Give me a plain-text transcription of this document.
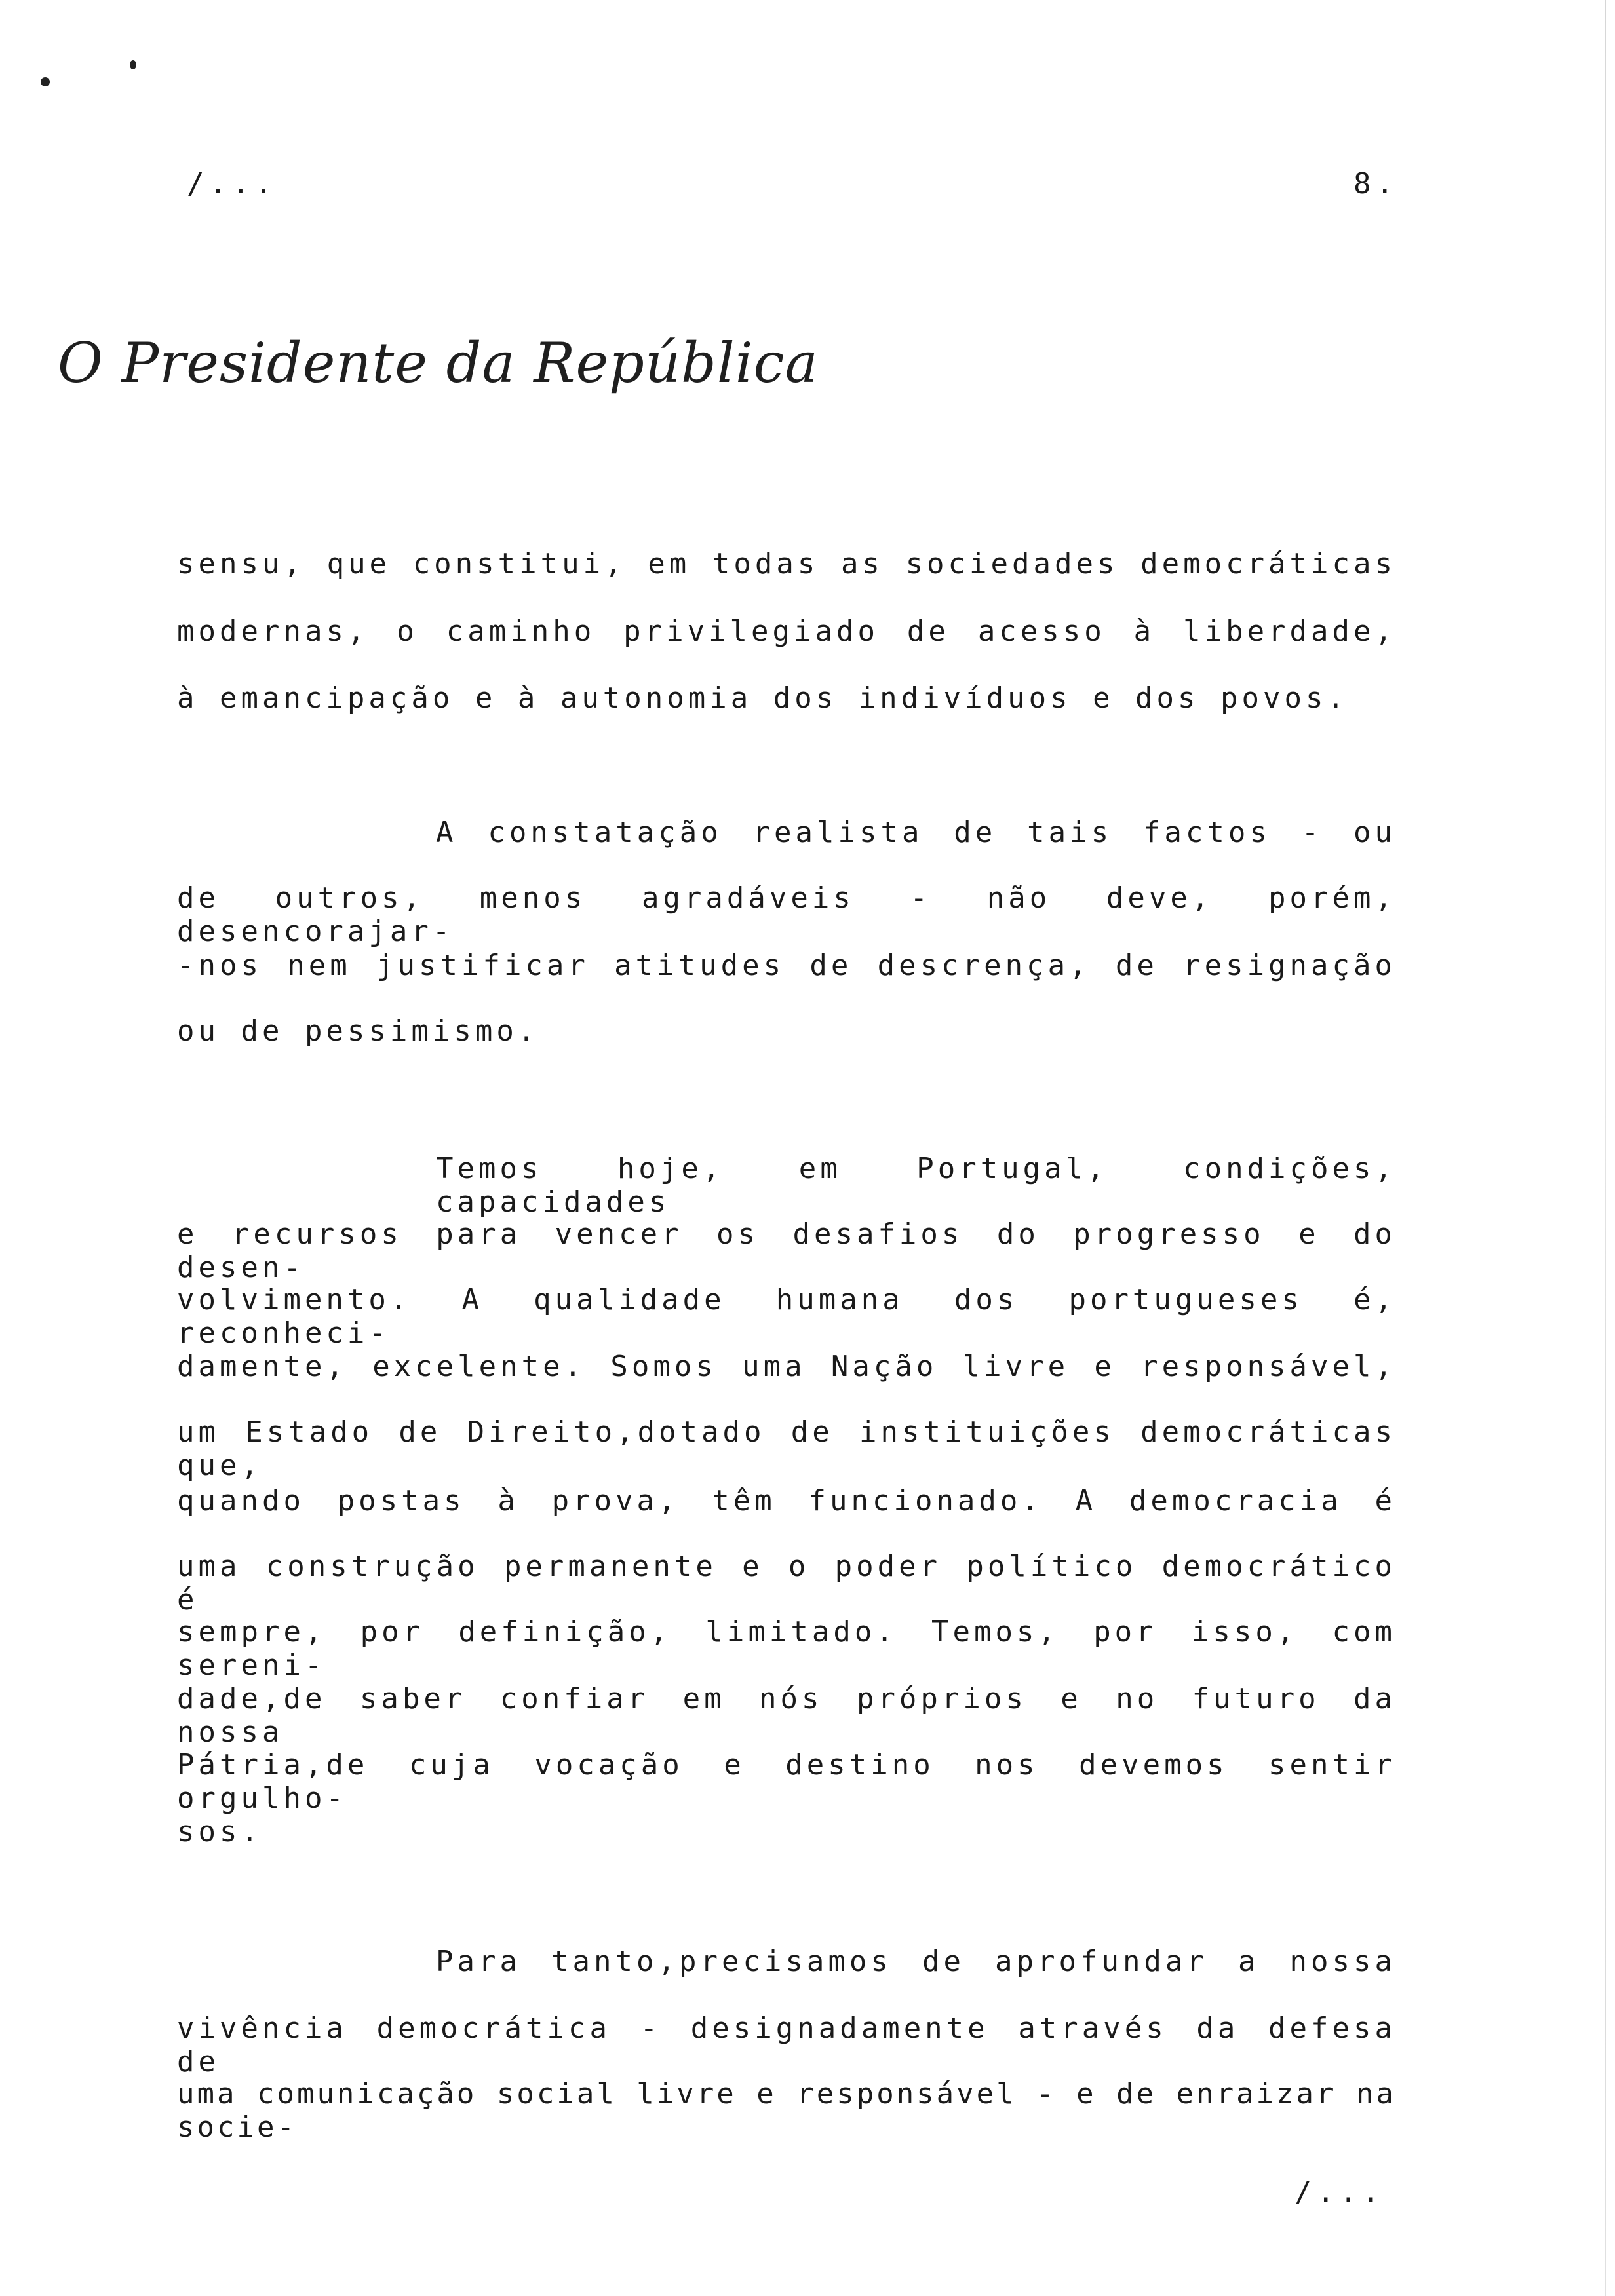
/...	8.
O Presidente da República
sensu, que constitui, em todas as sociedades democráticas
modernas, o caminho privilegiado de acesso à liberdade,
à emancipação e à autonomia dos indivíduos e dos povos.
A constatação realista de tais factos - ou
de outros, menos agradáveis - não deve, porém, desencorajar-
-nos nem justificar atitudes de descrença, de resignação
ou de pessimismo.
Temos hoje, em Portugal, condições, capacidades
e recursos para vencer os desafios do progresso e do desen-
volvimento. A qualidade humana dos portugueses é, reconheci-
damente, excelente. Somos uma Nação livre e responsável,
um Estado de Direito,dotado de instituições democráticas que,
quando postas à prova, têm funcionado. A democracia é
uma construção permanente e o poder político democrático é
sempre, por definição, limitado. Temos, por isso, com sereni-
dade,de saber confiar em nós próprios e no futuro da nossa
Pátria,de cuja vocação e destino nos devemos sentir orgulho-
sos.
Para tanto,precisamos de aprofundar a nossa
vivência democrática - designadamente através da defesa de
uma comunicação social livre e responsável - e de enraizar na socie-
/...
